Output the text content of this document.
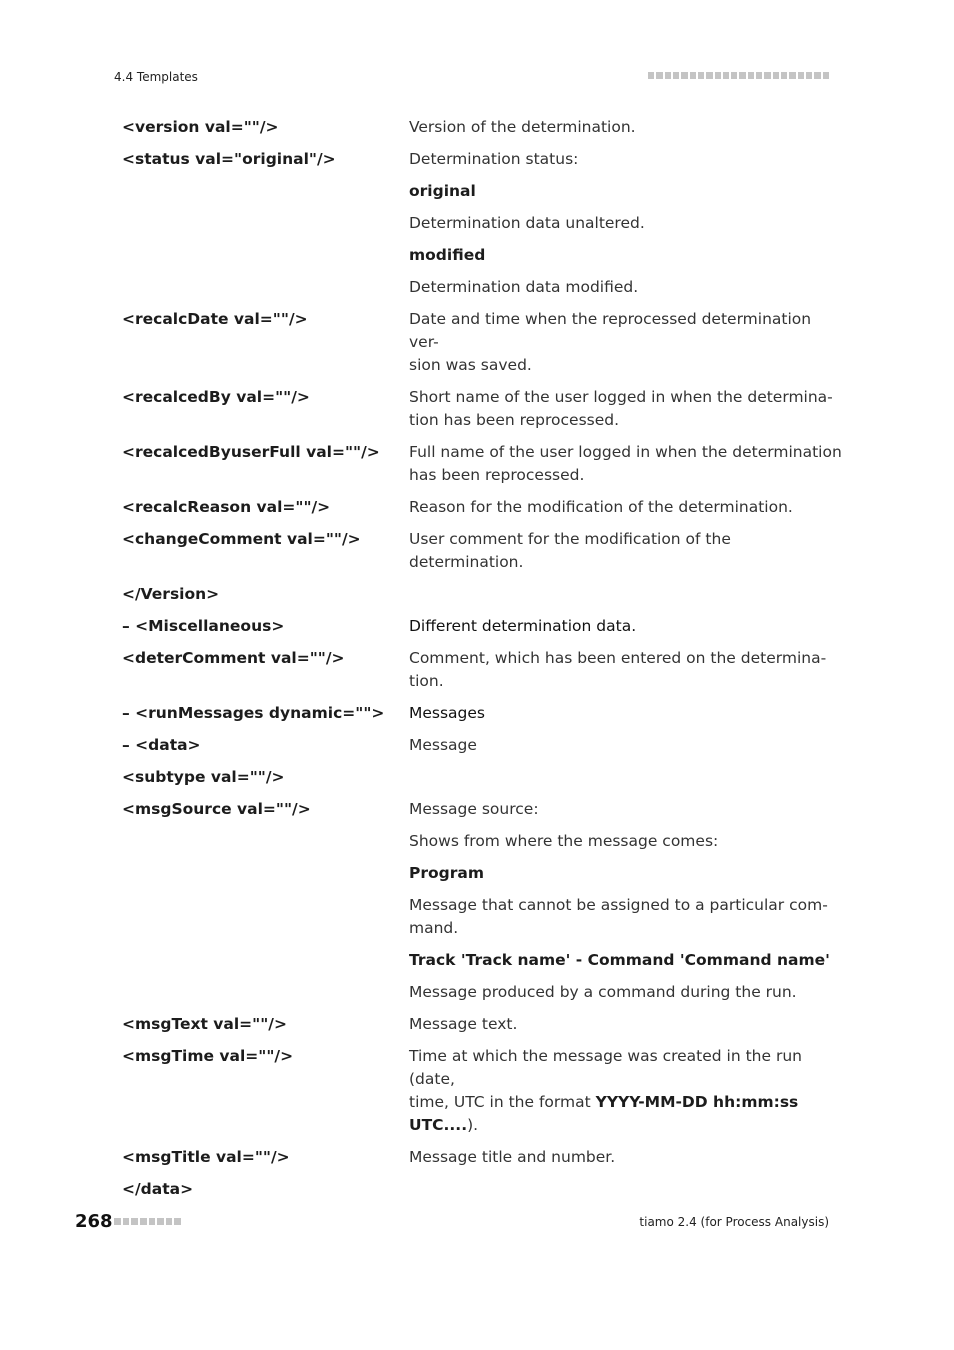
4.4 Templates
<version val=""/>	Version of the determination.
<status val="original"/>	Determination status:
original
Determination data unaltered.
modified
Determination data modified.
<recalcDate val=""/>	Date and time when the reprocessed determination ver-
sion was saved.
<recalcedBy val=""/>	Short name of the user logged in when the determina-
tion has been reprocessed.
<recalcedByuserFull val=""/>	Full name of the user logged in when the determination
has been reprocessed.
<recalcReason val=""/>	Reason for the modification of the determination.
<changeComment val=""/>	User comment for the modification of the determination.
</Version>
– <Miscellaneous>	Different determination data.
<deterComment val=""/>	Comment, which has been entered on the determina-
tion.
– <runMessages dynamic="">	Messages
– <data>	Message
<subtype val=""/>
<msgSource val=""/>	Message source:
Shows from where the message comes:
Program
Message that cannot be assigned to a particular com-
mand.
Track 'Track name' - Command 'Command name'
Message produced by a command during the run.
<msgText val=""/>	Message text.
<msgTime val=""/>	Time at which the message was created in the run (date,
time, UTC in the format YYYY-MM-DD hh:mm:ss
UTC....).
<msgTitle val=""/>	Message title and number.
</data>
268	tiamo 2.4 (for Process Analysis)
